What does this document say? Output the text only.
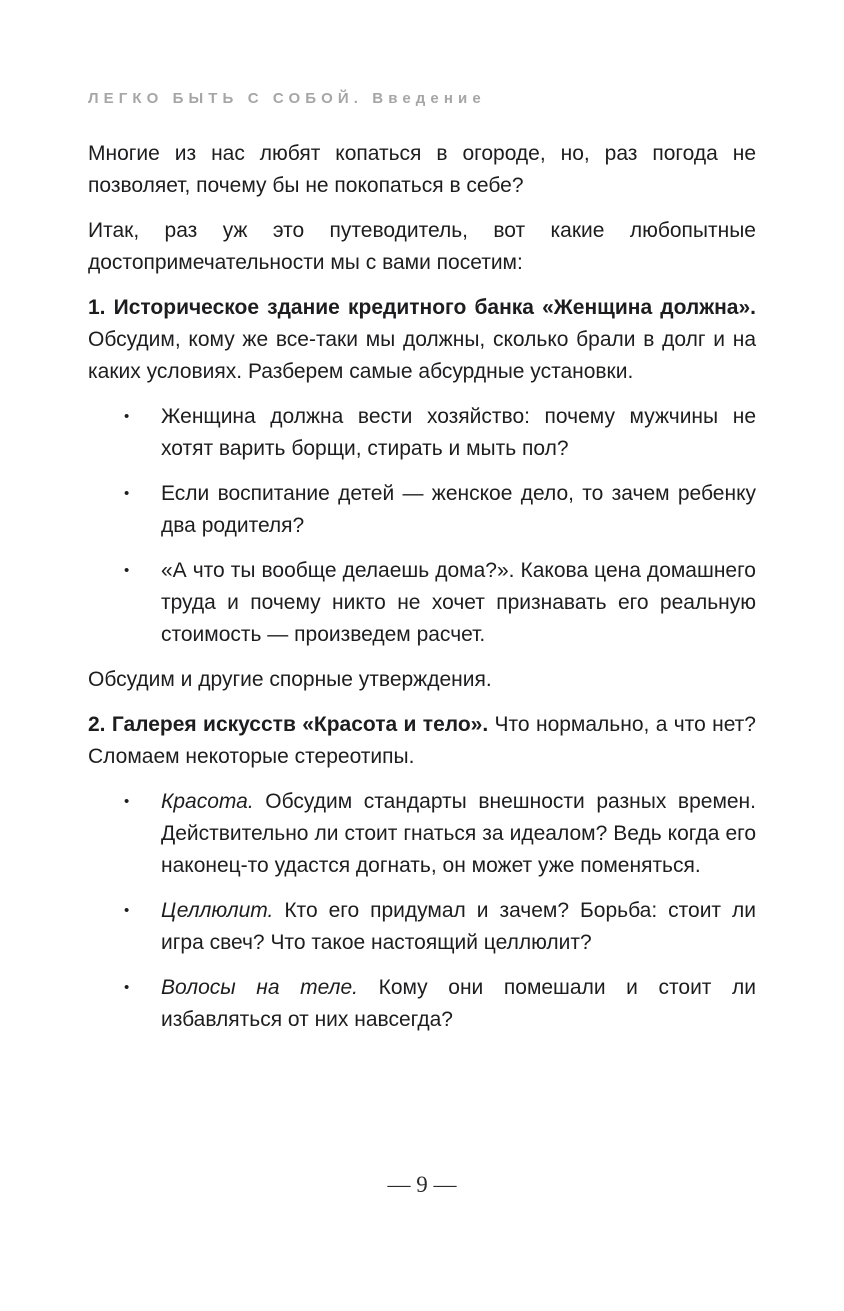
ЛЕГКО БЫТЬ С СОБОЙ. Введение

Многие из нас любят копаться в огороде, но, раз погода не позволяет, почему бы не покопаться в себе?

Итак, раз уж это путеводитель, вот какие любопытные достопримечательности мы с вами посетим:

1. Историческое здание кредитного банка «Женщина должна». Обсудим, кому же все-таки мы должны, сколько брали в долг и на каких условиях. Разберем самые абсурдные установки.

•	Женщина должна вести хозяйство: почему мужчины не хотят варить борщи, стирать и мыть пол?

•	Если воспитание детей — женское дело, то зачем ребенку два родителя?

•	«А что ты вообще делаешь дома?». Какова цена домашнего труда и почему никто не хочет признавать его реальную стоимость — произведем расчет.

Обсудим и другие спорные утверждения.

2. Галерея искусств «Красота и тело». Что нормально, а что нет? Сломаем некоторые стереотипы.

•	Красота. Обсудим стандарты внешности разных времен. Действительно ли стоит гнаться за идеалом? Ведь когда его наконец-то удастся догнать, он может уже поменяться.

•	Целлюлит. Кто его придумал и зачем? Борьба: стоит ли игра свеч? Что такое настоящий целлюлит?

•	Волосы на теле. Кому они помешали и стоит ли избавляться от них навсегда?

— 9 —
